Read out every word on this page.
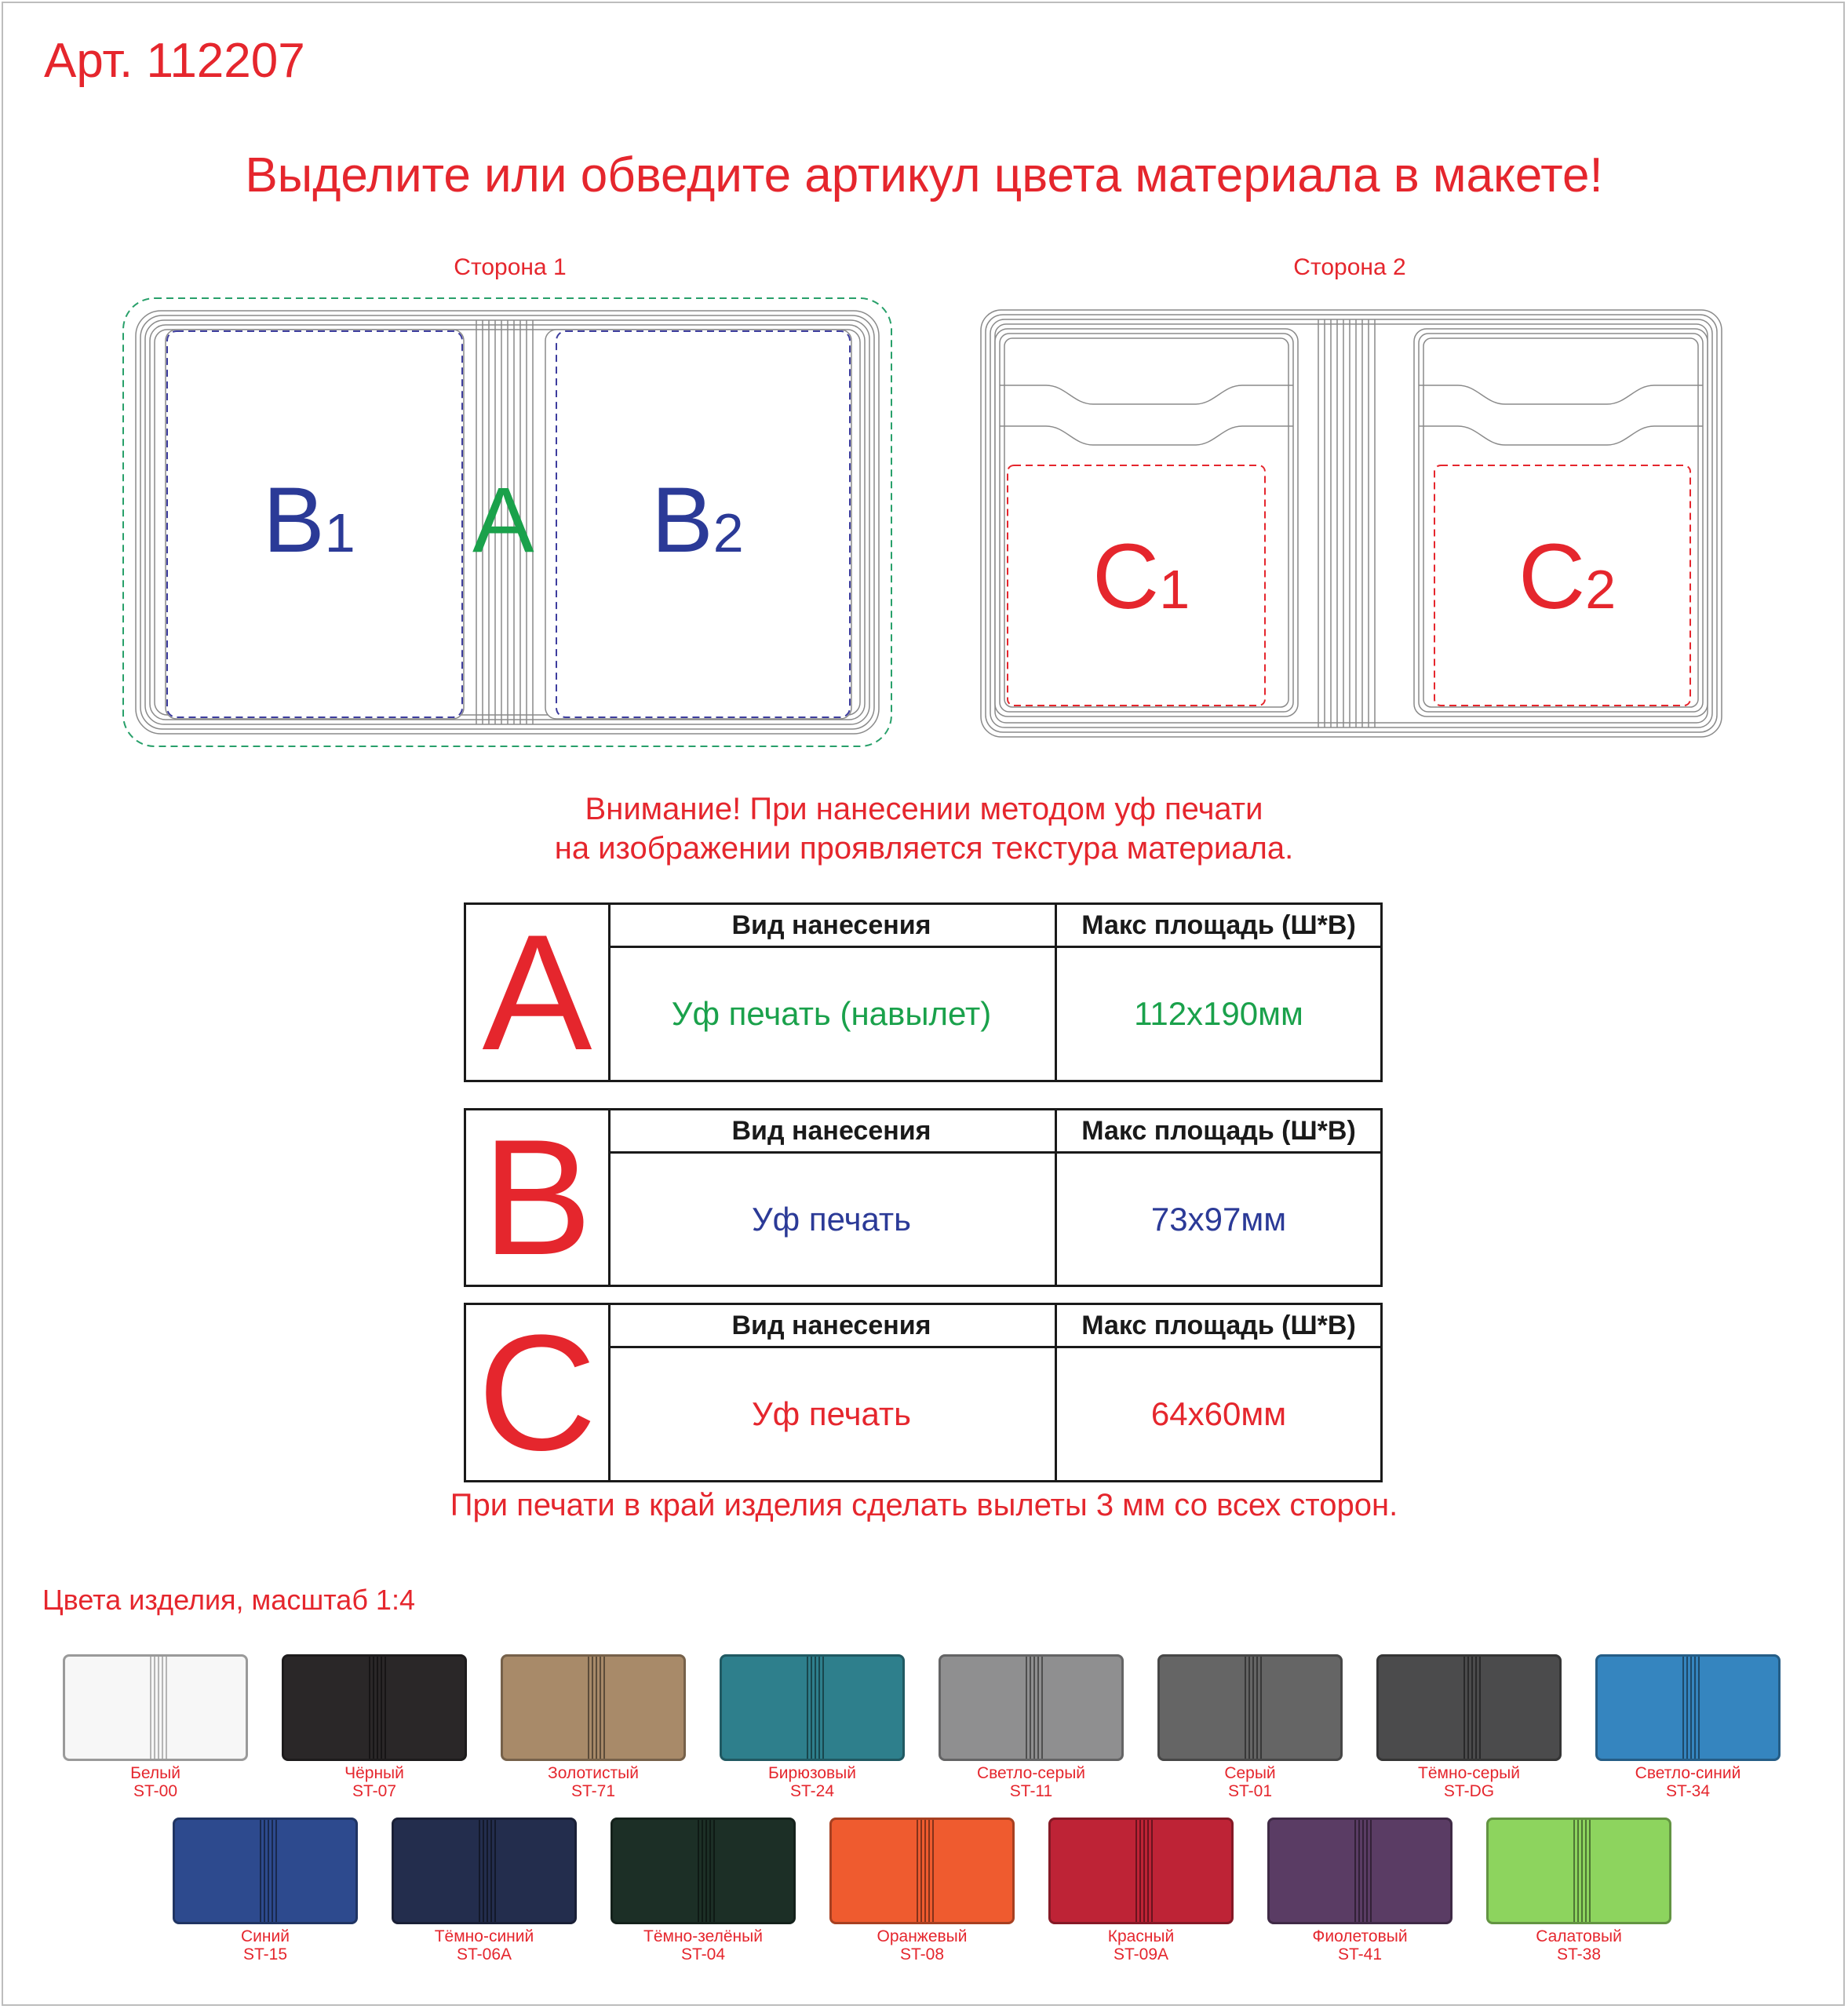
Арт. 112207
Выделите или обведите артикул цвета материала в макете!
Сторона 1
B1 A B2
Сторона 2
C1	C2
Внимание! При нанесении методом уф печати
на изображении проявляется текстура материала.
A	Вид нанесения	Макс площадь (Ш*В)
Уф печать (навылет)	112х190мм
B	Вид нанесения	Макс площадь (Ш*В)
Уф печать	73х97мм
C	Вид нанесения	Макс площадь (Ш*В)
Уф печать	64х60мм
При печати в край изделия сделать вылеты 3 мм со всех сторон.
Цвета изделия, масштаб 1:4
Белый
ST-00
Чёрный
ST-07
Золотистый
ST-71
Бирюзовый
ST-24
Светло-серый
ST-11
Серый
ST-01
Тёмно-серый
ST-DG
Светло-синий
ST-34
Синий
ST-15
Тёмно-синий
ST-06A
Тёмно-зелёный
ST-04
Оранжевый
ST-08
Красный
ST-09A
Фиолетовый
ST-41
Салатовый
ST-38
